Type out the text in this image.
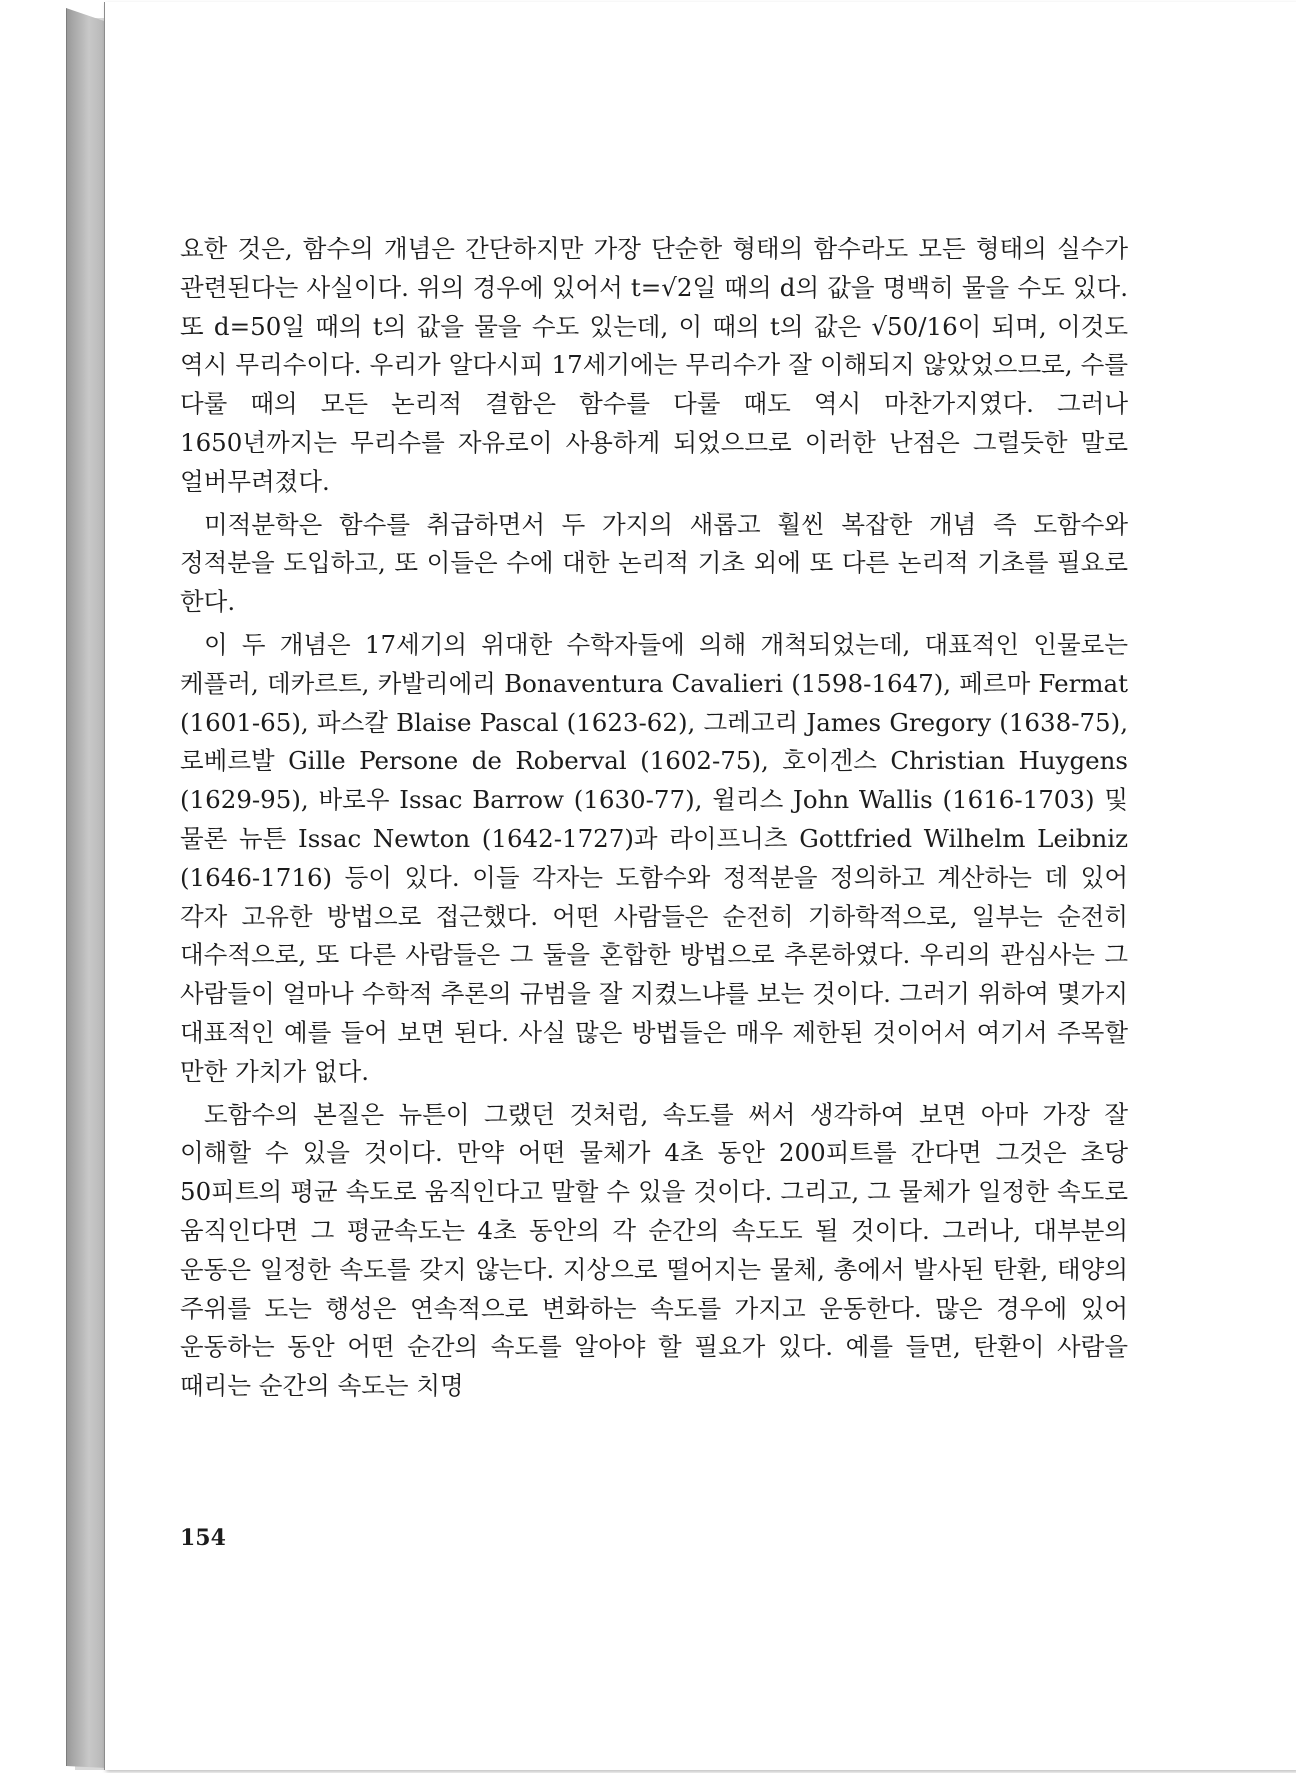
요한 것은, 함수의 개념은 간단하지만 가장 단순한 형태의 함수라도 모든 형태의 실수가 관련된다는 사실이다. 위의 경우에 있어서 t=√2일 때의 d의 값을 명백히 물을 수도 있다. 또 d=50일 때의 t의 값을 물을 수도 있는데, 이 때의 t의 값은 √50/16이 되며, 이것도 역시 무리수이다. 우리가 알다시피 17세기에는 무리수가 잘 이해되지 않았었으므로, 수를 다룰 때의 모든 논리적 결함은 함수를 다룰 때도 역시 마찬가지였다. 그러나 1650년까지는 무리수를 자유로이 사용하게 되었으므로 이러한 난점은 그럴듯한 말로 얼버무려졌다.

미적분학은 함수를 취급하면서 두 가지의 새롭고 훨씬 복잡한 개념 즉 도함수와 정적분을 도입하고, 또 이들은 수에 대한 논리적 기초 외에 또 다른 논리적 기초를 필요로 한다.

이 두 개념은 17세기의 위대한 수학자들에 의해 개척되었는데, 대표적인 인물로는 케플러, 데카르트, 카발리에리 Bonaventura Cavalieri (1598-1647), 페르마 Fermat (1601-65), 파스칼 Blaise Pascal (1623-62), 그레고리 James Gregory (1638-75), 로베르발 Gille Persone de Roberval (1602-75), 호이겐스 Christian Huygens (1629-95), 바로우 Issac Barrow (1630-77), 윌리스 John Wallis (1616-1703) 및 물론 뉴튼 Issac Newton (1642-1727)과 라이프니츠 Gottfried Wilhelm Leibniz (1646-1716) 등이 있다. 이들 각자는 도함수와 정적분을 정의하고 계산하는 데 있어 각자 고유한 방법으로 접근했다. 어떤 사람들은 순전히 기하학적으로, 일부는 순전히 대수적으로, 또 다른 사람들은 그 둘을 혼합한 방법으로 추론하였다. 우리의 관심사는 그 사람들이 얼마나 수학적 추론의 규범을 잘 지켰느냐를 보는 것이다. 그러기 위하여 몇가지 대표적인 예를 들어 보면 된다. 사실 많은 방법들은 매우 제한된 것이어서 여기서 주목할 만한 가치가 없다.

도함수의 본질은 뉴튼이 그랬던 것처럼, 속도를 써서 생각하여 보면 아마 가장 잘 이해할 수 있을 것이다. 만약 어떤 물체가 4초 동안 200피트를 간다면 그것은 초당 50피트의 평균 속도로 움직인다고 말할 수 있을 것이다. 그리고, 그 물체가 일정한 속도로 움직인다면 그 평균속도는 4초 동안의 각 순간의 속도도 될 것이다. 그러나, 대부분의 운동은 일정한 속도를 갖지 않는다. 지상으로 떨어지는 물체, 총에서 발사된 탄환, 태양의 주위를 도는 행성은 연속적으로 변화하는 속도를 가지고 운동한다. 많은 경우에 있어 운동하는 동안 어떤 순간의 속도를 알아야 할 필요가 있다. 예를 들면, 탄환이 사람을 때리는 순간의 속도는 치명

154
